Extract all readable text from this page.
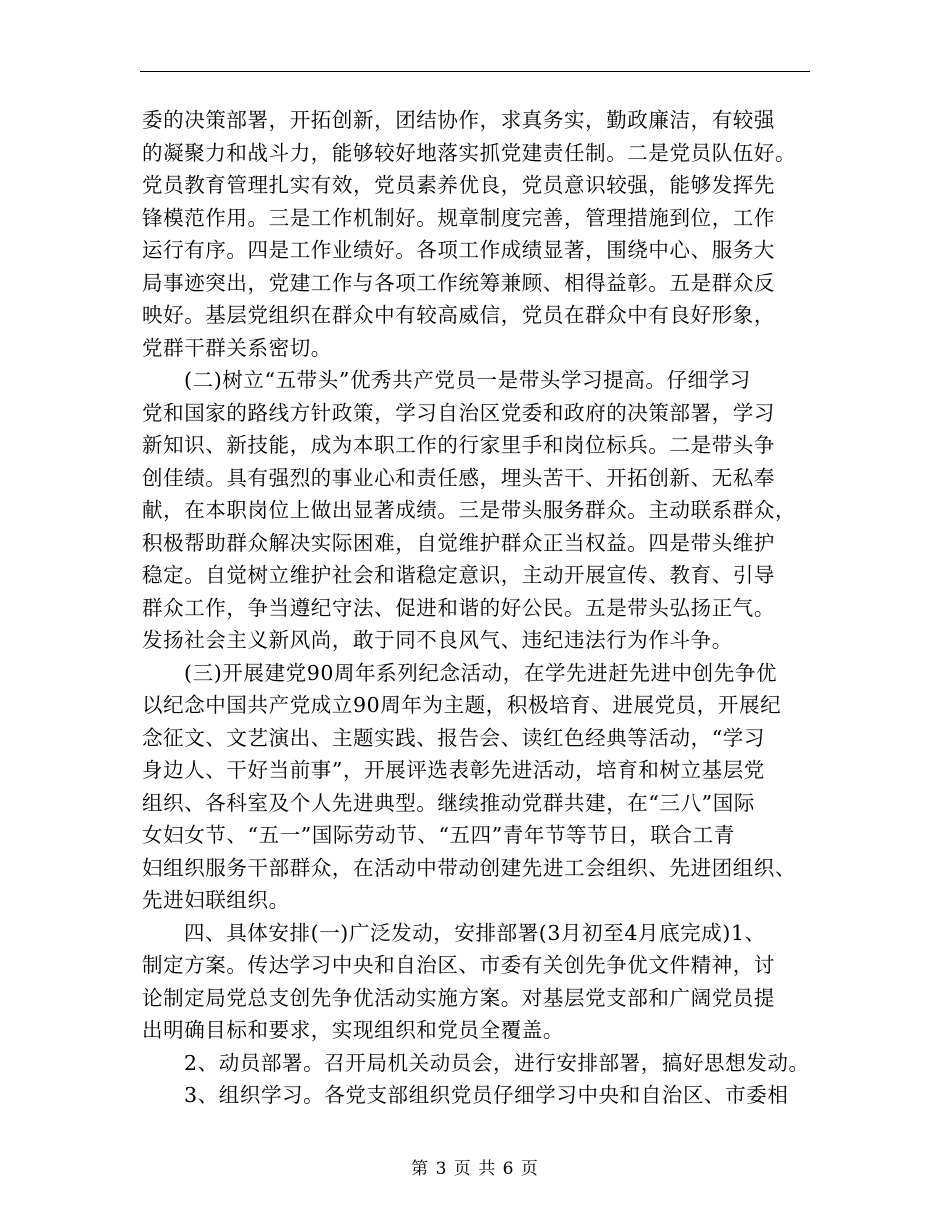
委的决策部署，开拓创新，团结协作，求真务实，勤政廉洁，有较强
的凝聚力和战斗力，能够较好地落实抓党建责任制。二是党员队伍好。
党员教育管理扎实有效，党员素养优良，党员意识较强，能够发挥先
锋模范作用。三是工作机制好。规章制度完善，管理措施到位，工作
运行有序。四是工作业绩好。各项工作成绩显著，围绕中心、服务大
局事迹突出，党建工作与各项工作统筹兼顾、相得益彰。五是群众反
映好。基层党组织在群众中有较高威信，党员在群众中有良好形象，
党群干群关系密切。
(二)树立“五带头”优秀共产党员一是带头学习提高。仔细学习
党和国家的路线方针政策，学习自治区党委和政府的决策部署，学习
新知识、新技能，成为本职工作的行家里手和岗位标兵。二是带头争
创佳绩。具有强烈的事业心和责任感，埋头苦干、开拓创新、无私奉
献，在本职岗位上做出显著成绩。三是带头服务群众。主动联系群众，
积极帮助群众解决实际困难，自觉维护群众正当权益。四是带头维护
稳定。自觉树立维护社会和谐稳定意识，主动开展宣传、教育、引导
群众工作，争当遵纪守法、促进和谐的好公民。五是带头弘扬正气。
发扬社会主义新风尚，敢于同不良风气、违纪违法行为作斗争。
(三)开展建党90周年系列纪念活动，在学先进赶先进中创先争优
以纪念中国共产党成立90周年为主题，积极培育、进展党员，开展纪
念征文、文艺演出、主题实践、报告会、读红色经典等活动，“学习
身边人、干好当前事”，开展评选表彰先进活动，培育和树立基层党
组织、各科室及个人先进典型。继续推动党群共建，在“三八”国际
女妇女节、“五一”国际劳动节、“五四”青年节等节日，联合工青
妇组织服务干部群众，在活动中带动创建先进工会组织、先进团组织、
先进妇联组织。
四、具体安排(一)广泛发动，安排部署(3月初至4月底完成)1、
制定方案。传达学习中央和自治区、市委有关创先争优文件精神，讨
论制定局党总支创先争优活动实施方案。对基层党支部和广阔党员提
出明确目标和要求，实现组织和党员全覆盖。
2、动员部署。召开局机关动员会，进行安排部署，搞好思想发动。
3、组织学习。各党支部组织党员仔细学习中央和自治区、市委相
第 3 页 共 6 页
